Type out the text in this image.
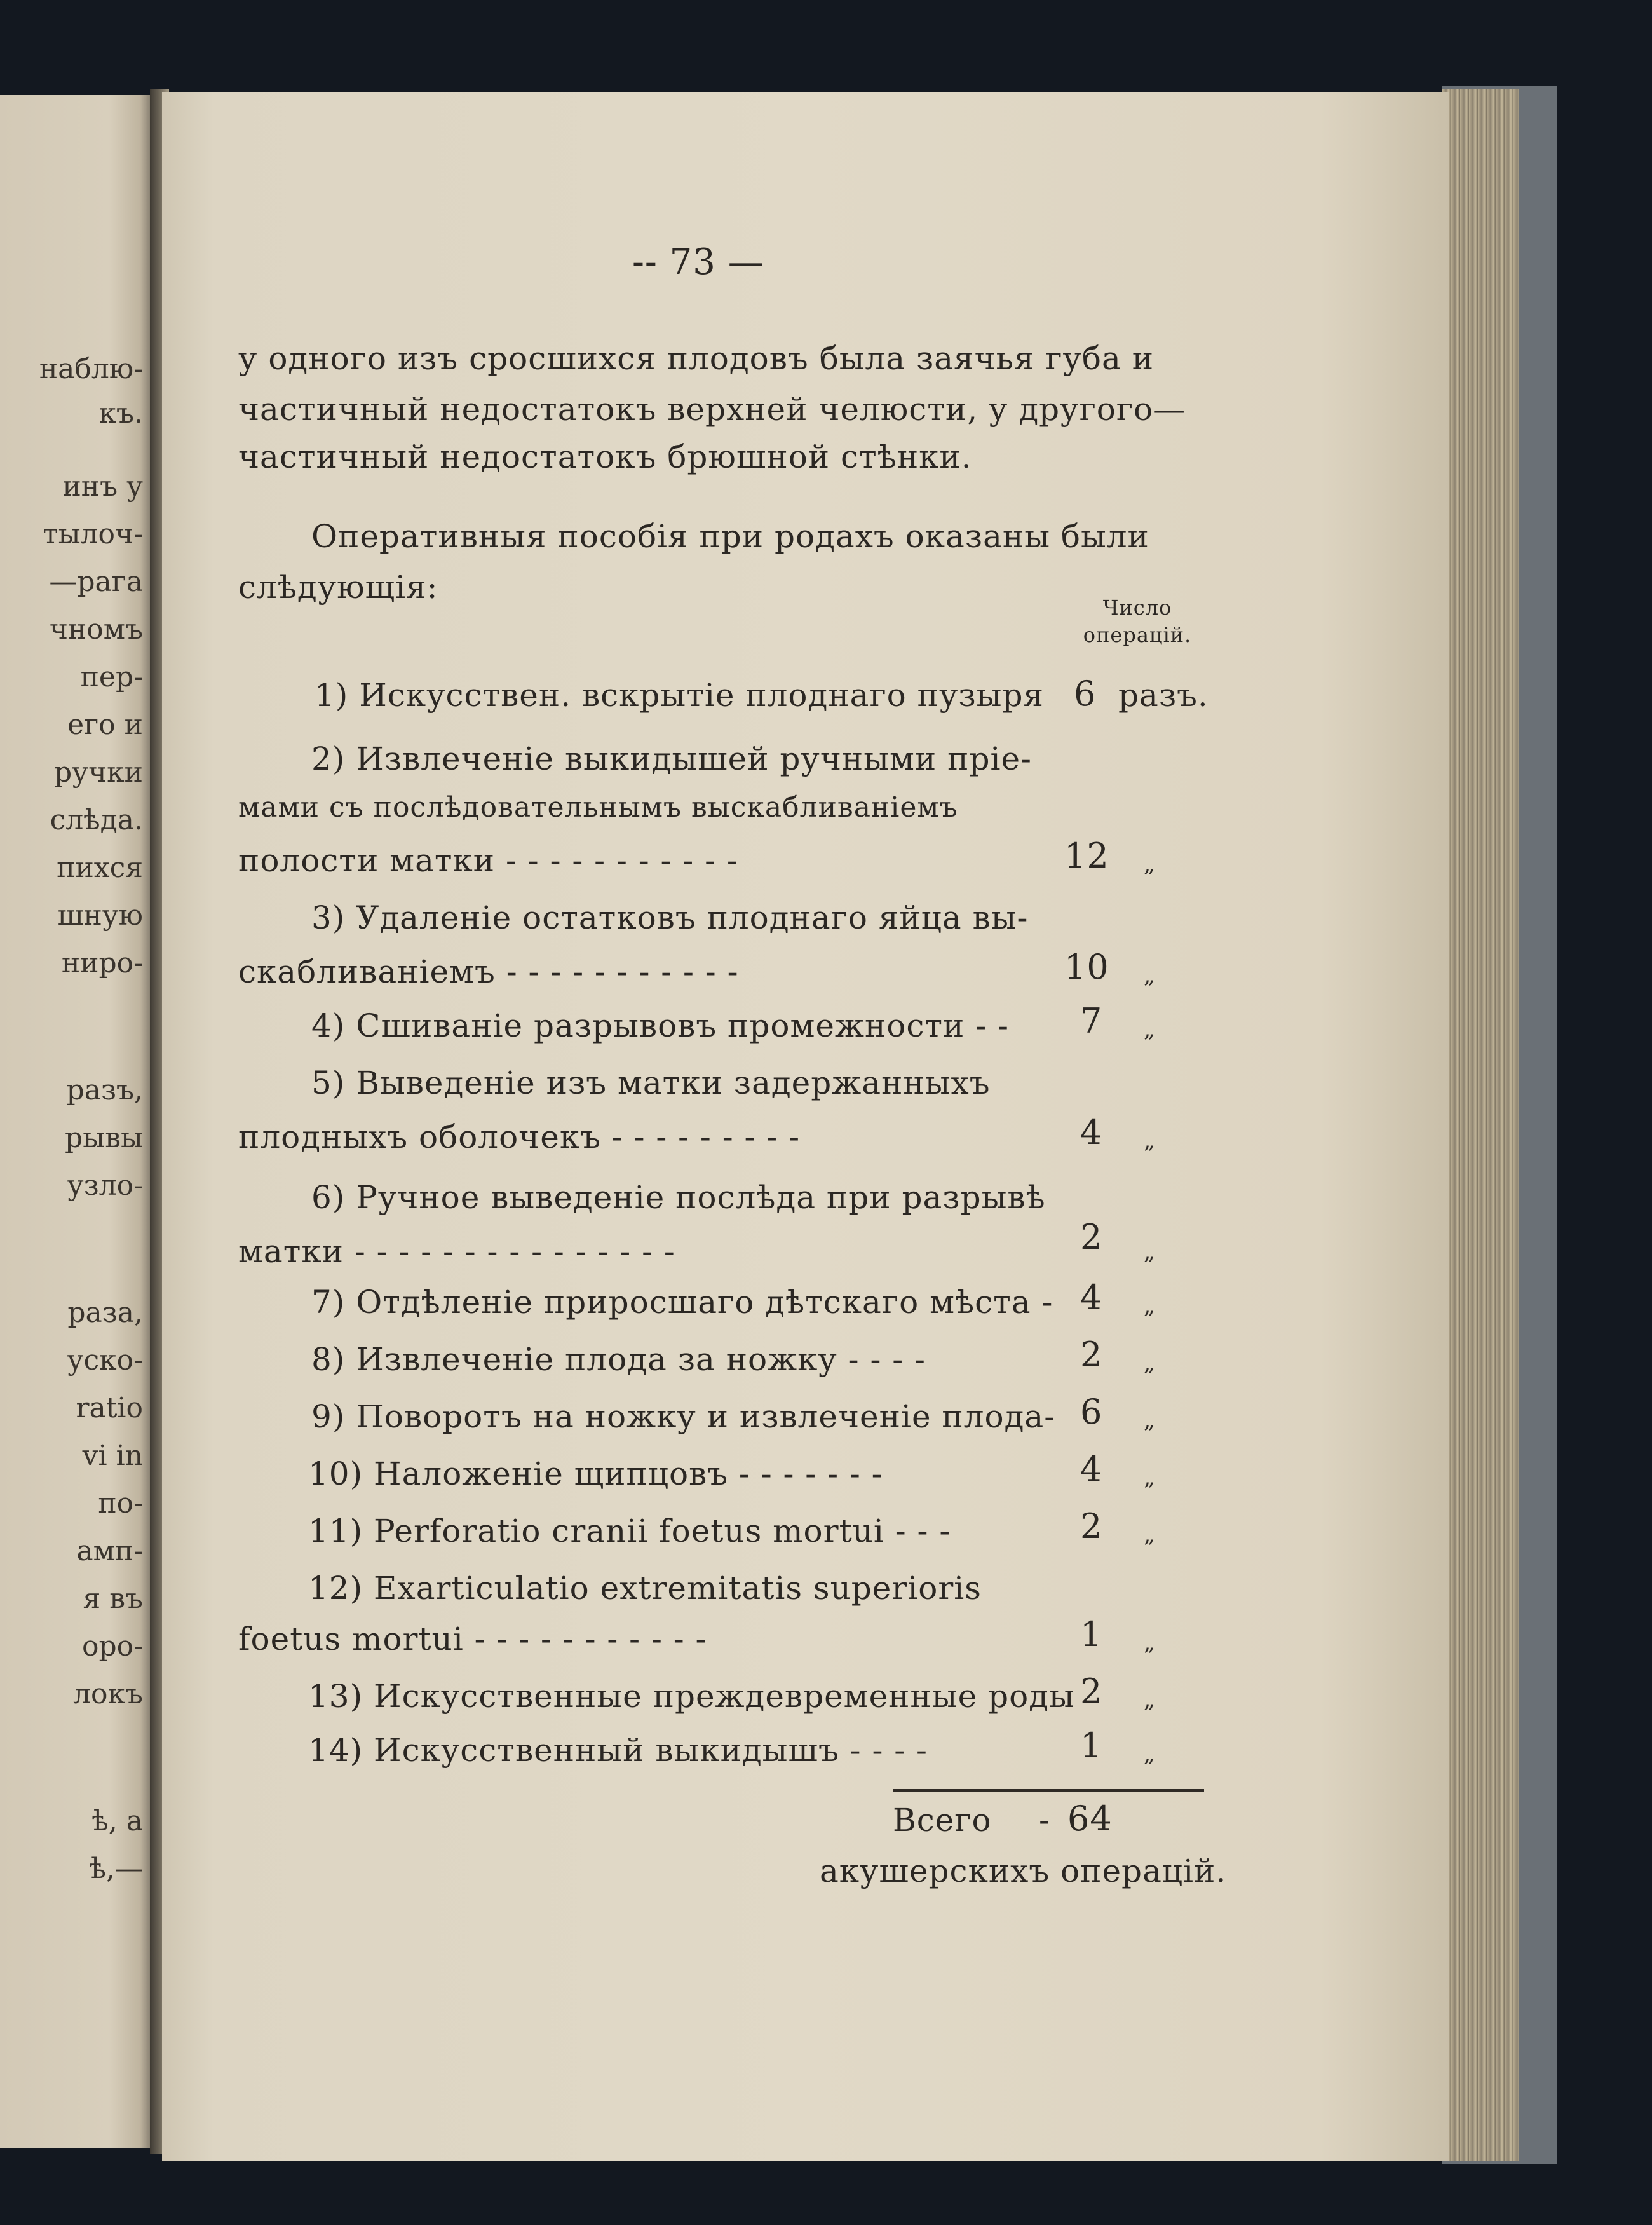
наблю-
къ.
инъ у
тылоч-
—рага
чномъ
пер-
его и
ручки
слѣда.
пихся
шную
ниро-
разъ,
рывы
узло-
раза,
уско-
ratio
vi in
по-
амп-
я въ
оро-
локъ
ѣ, а
ѣ,—
-- 73 —
у одного изъ сросшихся плодовъ была заячья губа и
частичный недостатокъ верхней челюсти, у другого—
частичный недостатокъ брюшной стѣнки.
Оперативныя пособія при родахъ оказаны были
слѣдующія:
Число
операцій.
1) Искусствен. вскрытіе плоднаго пузыря 6 разъ.
2) Извлеченіе выкидышей ручными пріе-
мами съ послѣдовательнымъ выскабливаніемъ
полости матки - - - - - - - - - - -	12 „
3) Удаленіе остатковъ плоднаго яйца вы-
скабливаніемъ - - - - - - - - - - -	10 „
4) Сшиваніе разрывовъ промежности - - 7 „
5) Выведеніе изъ матки задержанныхъ
плодныхъ оболочекъ - - - - - - - - -	4 „
6) Ручное выведеніе послѣда при разрывѣ
матки - - - - - - - - - - - - - - -	2 „
7) Отдѣленіе приросшаго дѣтскаго мѣста - 4 „
8) Извлеченіе плода за ножку - - - -	2 „
9) Поворотъ на ножку и извлеченіе плода- 6 „
10) Наложеніе щипцовъ - - - - - - -	4 „
11) Perforatio cranii foetus mortui - - -	2 „
12) Exarticulatio extremitatis superioris
foetus mortui - - - - - - - - - - -	1 „
13) Искусственные преждевременные роды 2 „
14) Искусственный выкидышъ - - - -	1 „
Всего - 64
акушерскихъ операцій.
